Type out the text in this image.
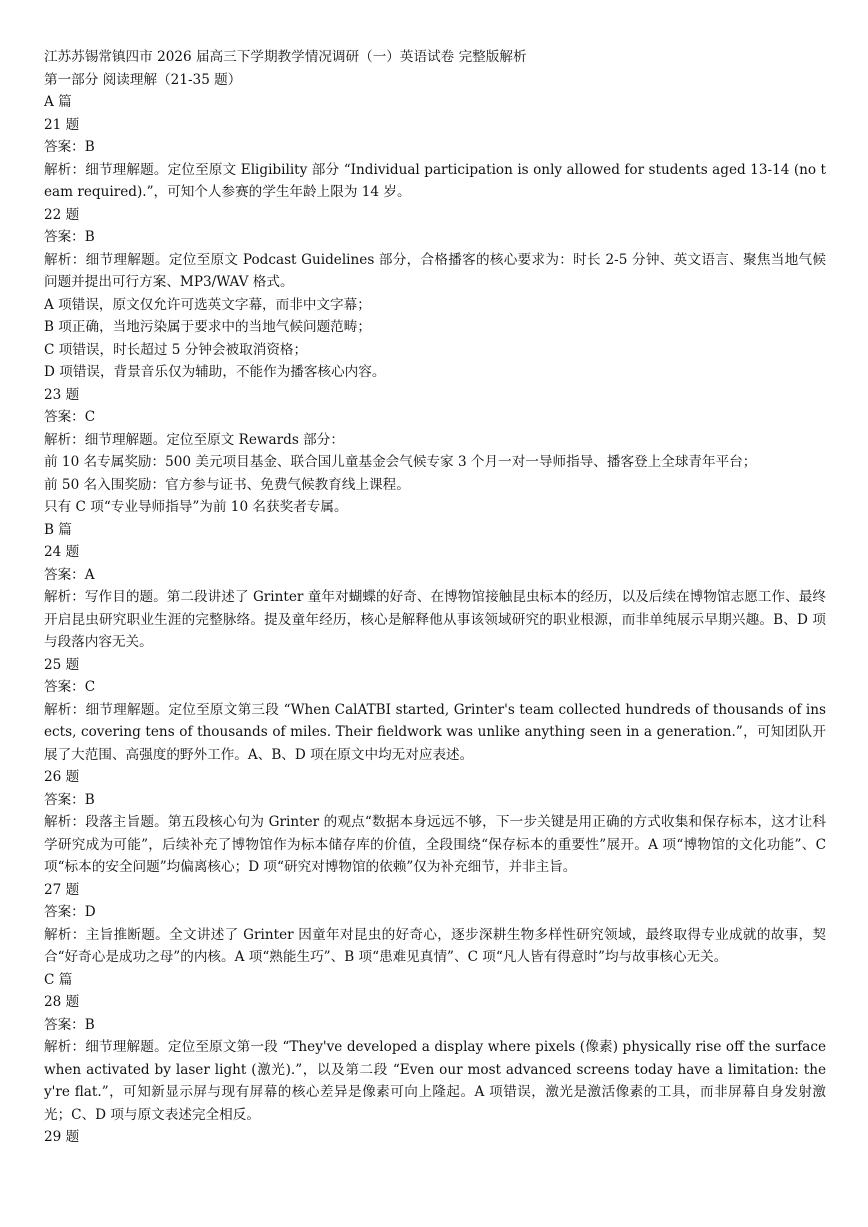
江苏苏锡常镇四市 2026 届高三下学期教学情况调研（一）英语试卷 完整版解析
第一部分 阅读理解（21-35 题）
A 篇
21 题
答案：B
解析：细节理解题。定位至原文 Eligibility 部分 “Individual participation is only allowed for students aged 13-14 (no team required).”，可知个人参赛的学生年龄上限为 14 岁。
22 题
答案：B
解析：细节理解题。定位至原文 Podcast Guidelines 部分，合格播客的核心要求为：时长 2-5 分钟、英文语言、聚焦当地气候问题并提出可行方案、MP3/WAV 格式。
A 项错误，原文仅允许可选英文字幕，而非中文字幕；
B 项正确，当地污染属于要求中的当地气候问题范畴；
C 项错误，时长超过 5 分钟会被取消资格；
D 项错误，背景音乐仅为辅助，不能作为播客核心内容。
23 题
答案：C
解析：细节理解题。定位至原文 Rewards 部分：
前 10 名专属奖励：500 美元项目基金、联合国儿童基金会气候专家 3 个月一对一导师指导、播客登上全球青年平台；
前 50 名入围奖励：官方参与证书、免费气候教育线上课程。
只有 C 项“专业导师指导”为前 10 名获奖者专属。
B 篇
24 题
答案：A
解析：写作目的题。第二段讲述了 Grinter 童年对蝴蝶的好奇、在博物馆接触昆虫标本的经历，以及后续在博物馆志愿工作、最终开启昆虫研究职业生涯的完整脉络。提及童年经历，核心是解释他从事该领域研究的职业根源，而非单纯展示早期兴趣。B、D 项与段落内容无关。
25 题
答案：C
解析：细节理解题。定位至原文第三段 “When CalATBI started, Grinter's team collected hundreds of thousands of insects, covering tens of thousands of miles. Their fieldwork was unlike anything seen in a generation.”，可知团队开展了大范围、高强度的野外工作。A、B、D 项在原文中均无对应表述。
26 题
答案：B
解析：段落主旨题。第五段核心句为 Grinter 的观点“数据本身远远不够，下一步关键是用正确的方式收集和保存标本，这才让科学研究成为可能”，后续补充了博物馆作为标本储存库的价值，全段围绕“保存标本的重要性”展开。A 项“博物馆的文化功能”、C 项“标本的安全问题”均偏离核心；D 项“研究对博物馆的依赖”仅为补充细节，并非主旨。
27 题
答案：D
解析：主旨推断题。全文讲述了 Grinter 因童年对昆虫的好奇心，逐步深耕生物多样性研究领域，最终取得专业成就的故事，契合“好奇心是成功之母”的内核。A 项“熟能生巧”、B 项“患难见真情”、C 项“凡人皆有得意时”均与故事核心无关。
C 篇
28 题
答案：B
解析：细节理解题。定位至原文第一段 “They've developed a display where pixels (像素) physically rise off the surface when activated by laser light (激光).”，以及第二段 “Even our most advanced screens today have a limitation: they're flat.”，可知新显示屏与现有屏幕的核心差异是像素可向上隆起。A 项错误，激光是激活像素的工具，而非屏幕自身发射激光；C、D 项与原文表述完全相反。
29 题
